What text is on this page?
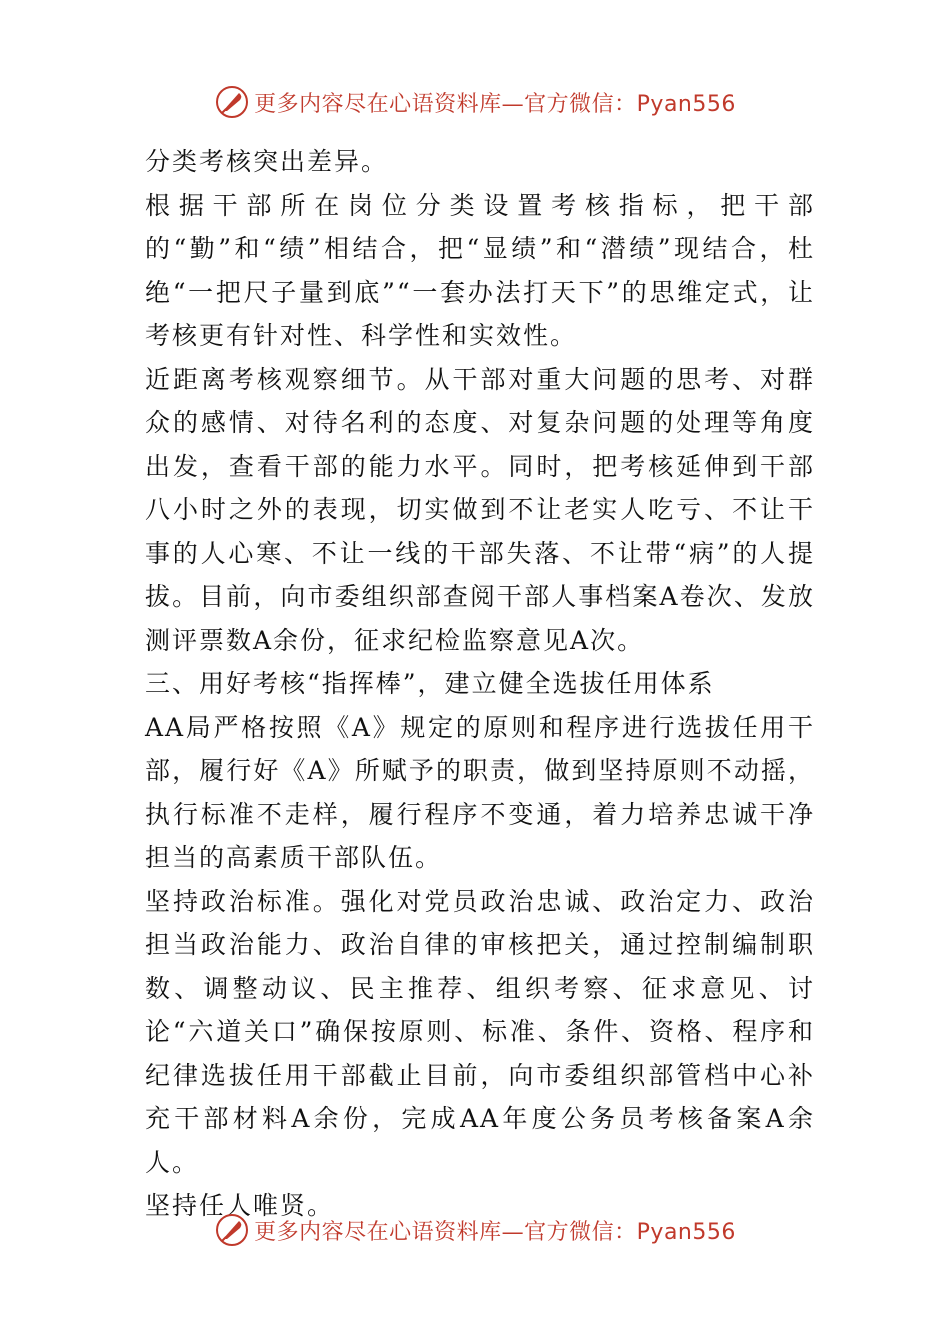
更多内容尽在心语资料库—官方微信：Pyan556

分类考核突出差异。

根据干部所在岗位分类设置考核指标，把干部的“勤”和“绩”相结合，把“显绩”和“潜绩”现结合，杜绝“一把尺子量到底”“一套办法打天下”的思维定式，让考核更有针对性、科学性和实效性。

近距离考核观察细节。从干部对重大问题的思考、对群众的感情、对待名利的态度、对复杂问题的处理等角度出发，查看干部的能力水平。同时，把考核延伸到干部八小时之外的表现，切实做到不让老实人吃亏、不让干事的人心寒、不让一线的干部失落、不让带“病”的人提拔。目前，向市委组织部查阅干部人事档案A卷次、发放测评票数A余份，征求纪检监察意见A次。

三、用好考核“指挥棒”，建立健全选拔任用体系

AA局严格按照《A》规定的原则和程序进行选拔任用干部，履行好《A》所赋予的职责，做到坚持原则不动摇，执行标准不走样，履行程序不变通，着力培养忠诚干净担当的高素质干部队伍。

坚持政治标准。强化对党员政治忠诚、政治定力、政治担当政治能力、政治自律的审核把关，通过控制编制职数、调整动议、民主推荐、组织考察、征求意见、讨论“六道关口”确保按原则、标准、条件、资格、程序和纪律选拔任用干部截止目前，向市委组织部管档中心补充干部材料A余份，完成AA年度公务员考核备案A余人。

坚持任人唯贤。

更多内容尽在心语资料库—官方微信：Pyan556
